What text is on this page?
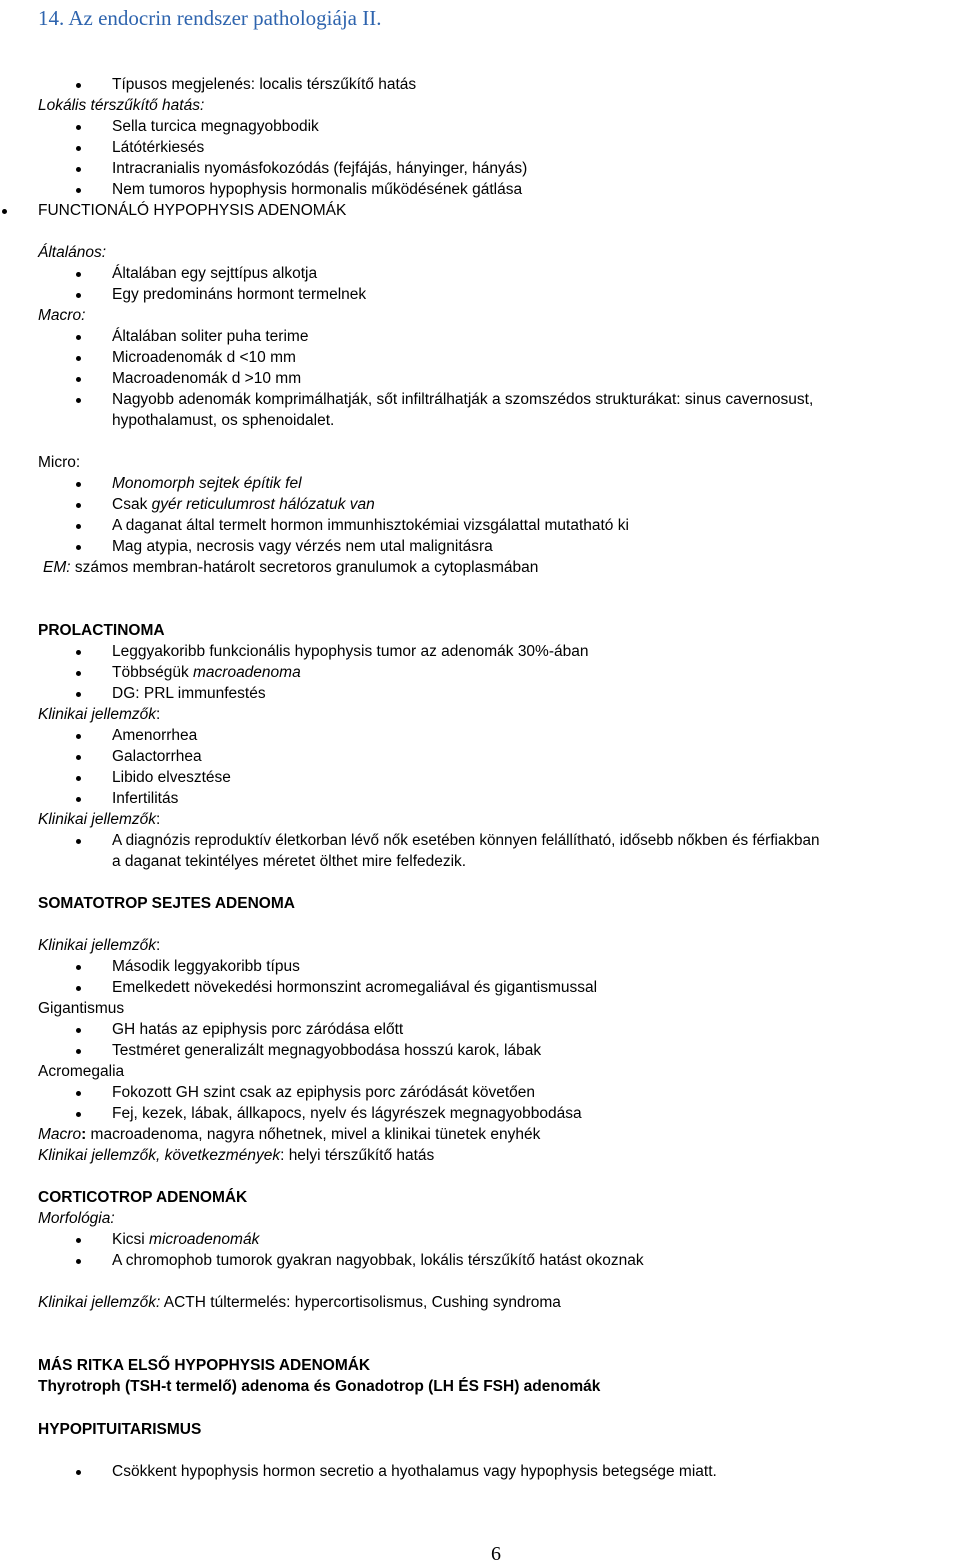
14. Az endocrin rendszer pathologiája II.
Típusos megjelenés: localis térszűkítő hatás
Lokális térszűkítő hatás:
Sella turcica megnagyobbodik
Látótérkiesés
Intracranialis nyomásfokozódás (fejfájás, hányinger, hányás)
Nem tumoros hypophysis hormonalis működésének gátlása
FUNCTIONÁLÓ HYPOPHYSIS ADENOMÁK
Általános:
Általában egy sejttípus alkotja
Egy predomináns hormont termelnek
Macro:
Általában soliter puha terime
Microadenomák d <10 mm
Macroadenomák d >10 mm
Nagyobb adenomák komprimálhatják, sőt infiltrálhatják a szomszédos strukturákat: sinus cavernosust,
hypothalamust, os sphenoidalet.
Micro:
Monomorph sejtek építik fel
Csak gyér reticulumrost hálózatuk van
A daganat által termelt hormon immunhisztokémiai vizsgálattal mutatható ki
Mag atypia, necrosis vagy vérzés nem utal malignitásra
EM: számos membran-határolt secretoros granulumok a cytoplasmában
PROLACTINOMA
Leggyakoribb funkcionális hypophysis tumor az adenomák 30%-ában
Többségük macroadenoma
DG: PRL immunfestés
Klinikai jellemzők:
Amenorrhea
Galactorrhea
Libido elvesztése
Infertilitás
Klinikai jellemzők:
A diagnózis reproduktív életkorban lévő nők esetében könnyen felállítható, idősebb nőkben és férfiakban
a daganat tekintélyes méretet ölthet mire felfedezik.
SOMATOTROP SEJTES ADENOMA
Klinikai jellemzők:
Második leggyakoribb típus
Emelkedett növekedési hormonszint acromegaliával és gigantismussal
Gigantismus
GH hatás az epiphysis porc záródása előtt
Testméret generalizált megnagyobbodása hosszú karok, lábak
Acromegalia
Fokozott GH szint csak az epiphysis porc záródását követően
Fej, kezek, lábak, állkapocs, nyelv és lágyrészek megnagyobbodása
Macro: macroadenoma, nagyra nőhetnek, mivel a klinikai tünetek enyhék
Klinikai jellemzők, következmények: helyi térszűkítő hatás
CORTICOTROP ADENOMÁK
Morfológia:
Kicsi microadenomák
A chromophob tumorok gyakran nagyobbak, lokális térszűkítő hatást okoznak
Klinikai jellemzők: ACTH túltermelés: hypercortisolismus, Cushing syndroma
MÁS RITKA ELSŐ HYPOPHYSIS ADENOMÁK
Thyrotroph (TSH-t termelő) adenoma és Gonadotrop (LH ÉS FSH) adenomák
HYPOPITUITARISMUS
Csökkent hypophysis hormon secretio a hyothalamus vagy hypophysis betegsége miatt.
6
